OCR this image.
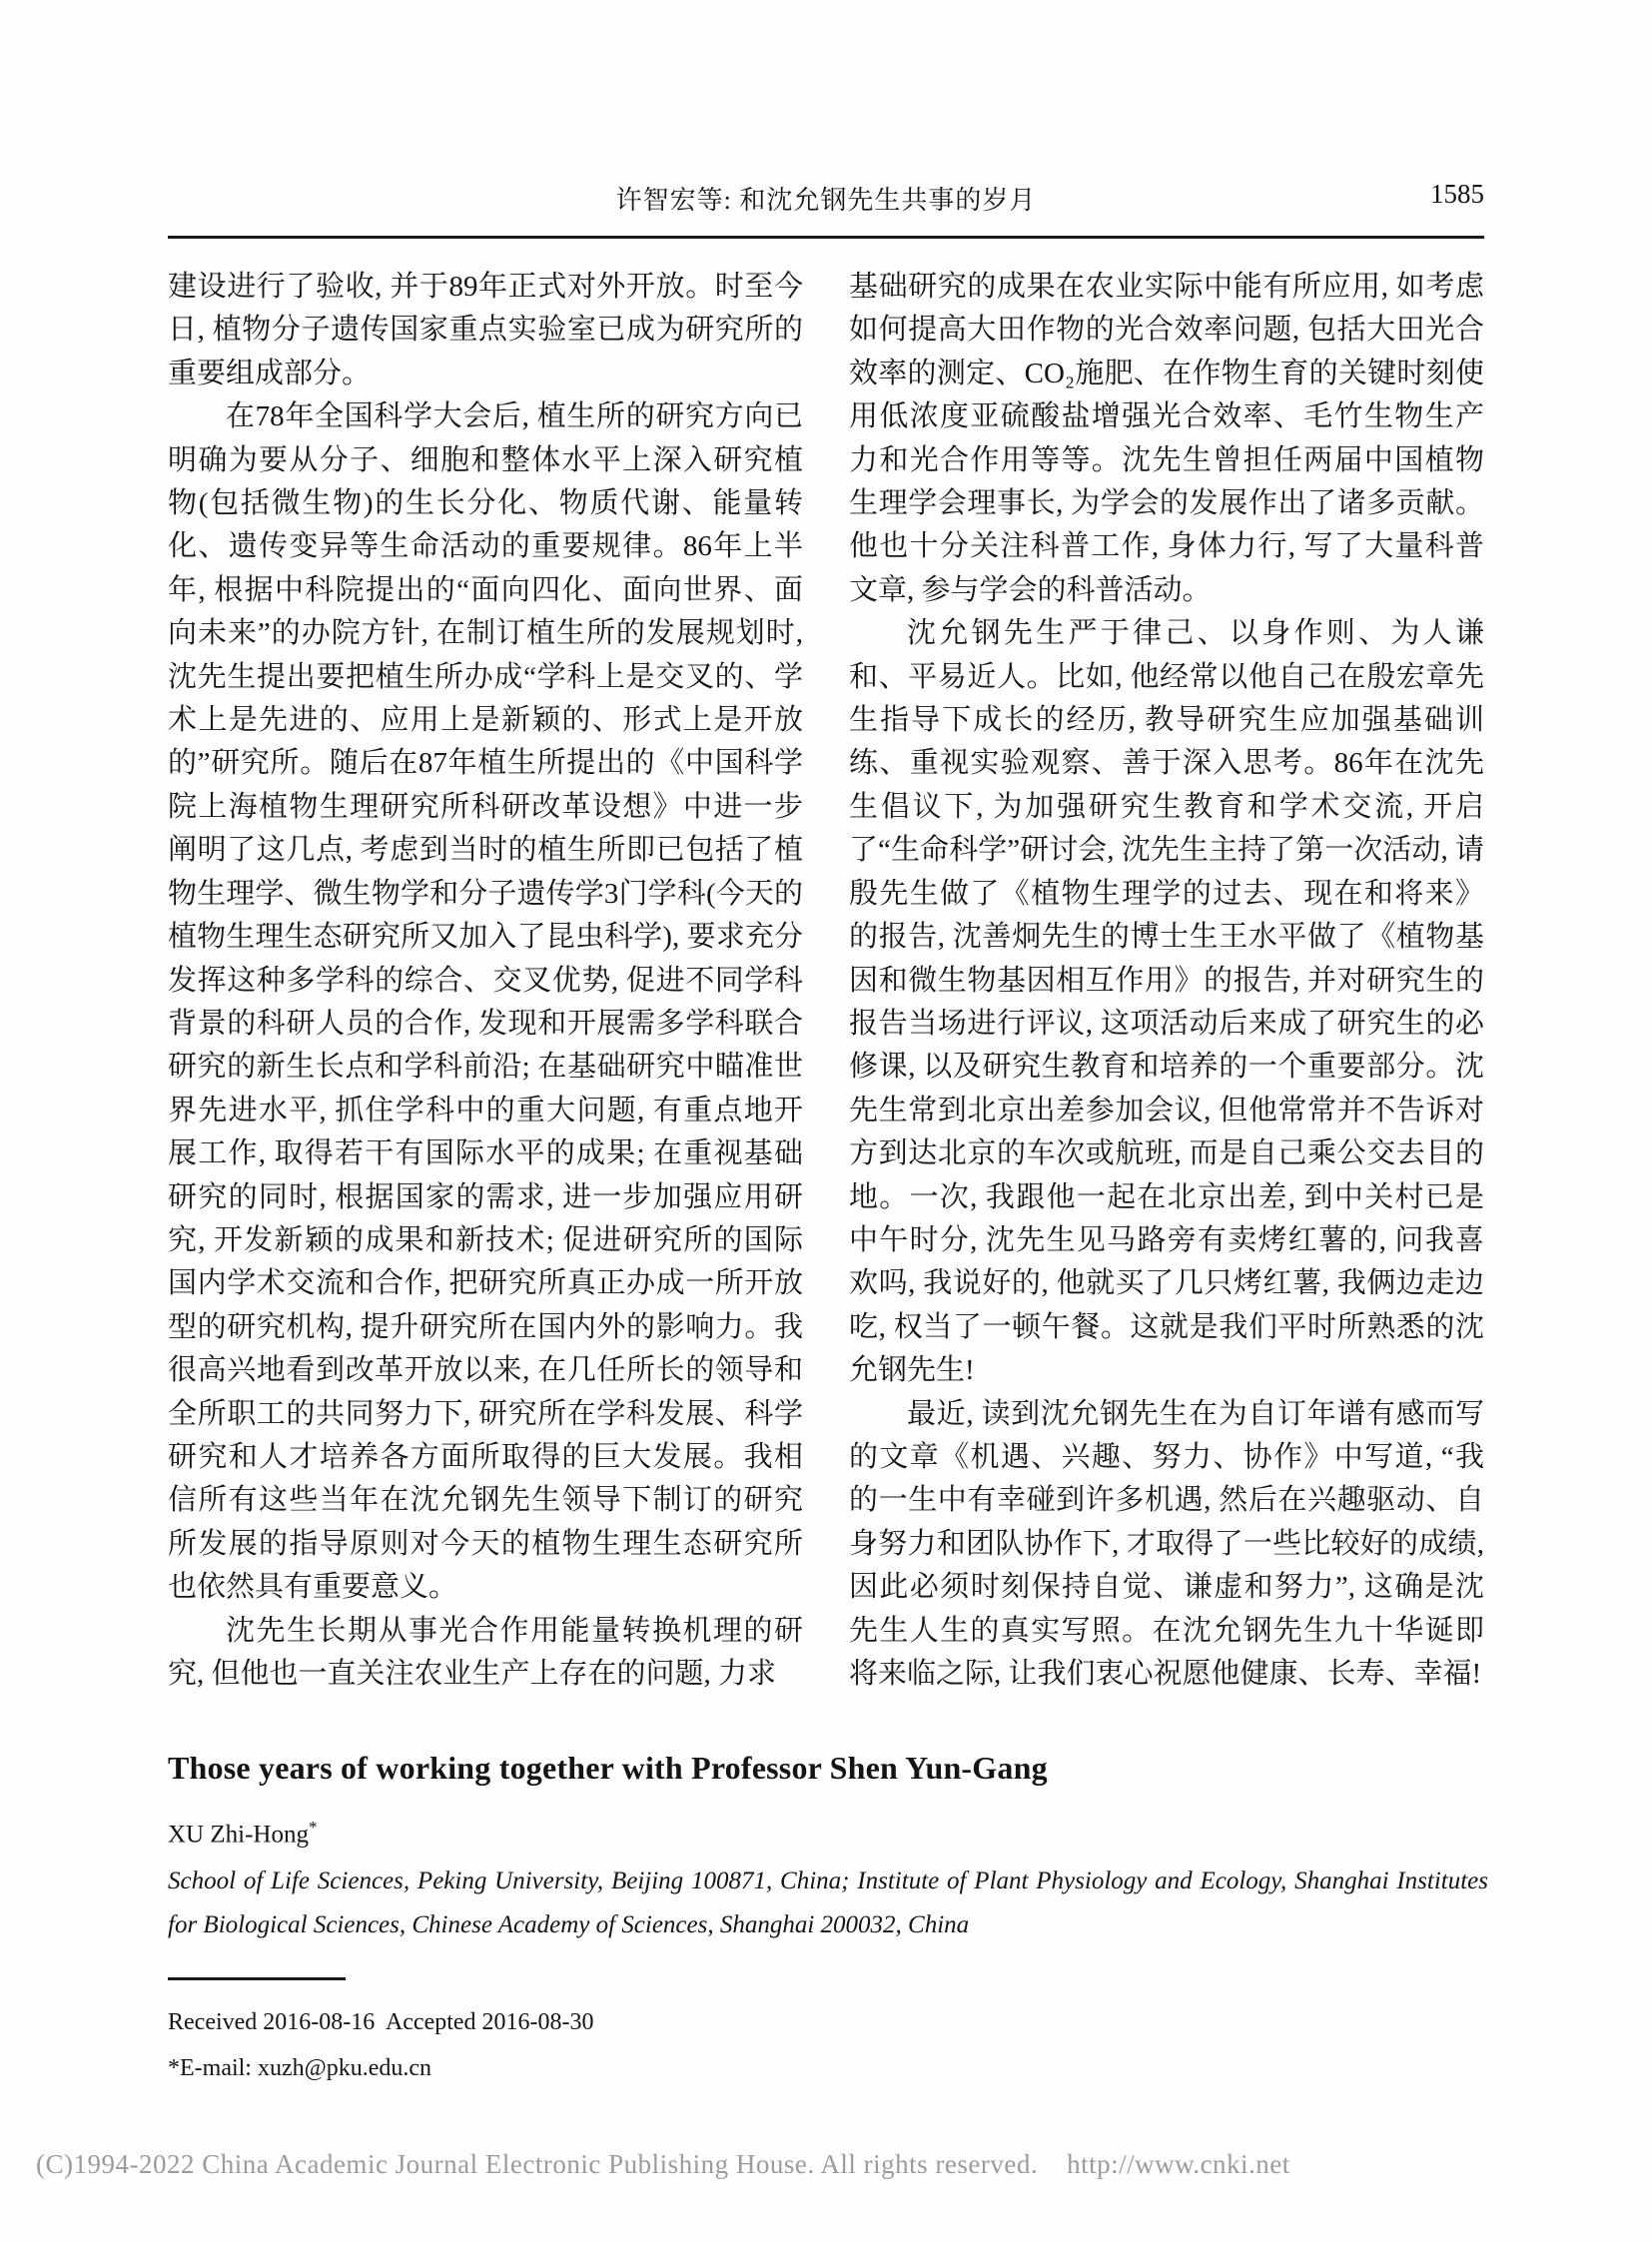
许智宏等: 和沈允钢先生共事的岁月	1585

建设进行了验收, 并于89年正式对外开放。时至今日, 植物分子遗传国家重点实验室已成为研究所的重要组成部分。

在78年全国科学大会后, 植生所的研究方向已明确为要从分子、细胞和整体水平上深入研究植物(包括微生物)的生长分化、物质代谢、能量转化、遗传变异等生命活动的重要规律。86年上半年, 根据中科院提出的“面向四化、面向世界、面向未来”的办院方针, 在制订植生所的发展规划时, 沈先生提出要把植生所办成“学科上是交叉的、学术上是先进的、应用上是新颖的、形式上是开放的”研究所。随后在87年植生所提出的《中国科学院上海植物生理研究所科研改革设想》中进一步阐明了这几点, 考虑到当时的植生所即已包括了植物生理学、微生物学和分子遗传学3门学科(今天的植物生理生态研究所又加入了昆虫科学), 要求充分发挥这种多学科的综合、交叉优势, 促进不同学科背景的科研人员的合作, 发现和开展需多学科联合研究的新生长点和学科前沿; 在基础研究中瞄准世界先进水平, 抓住学科中的重大问题, 有重点地开展工作, 取得若干有国际水平的成果; 在重视基础研究的同时, 根据国家的需求, 进一步加强应用研究, 开发新颖的成果和新技术; 促进研究所的国际国内学术交流和合作, 把研究所真正办成一所开放型的研究机构, 提升研究所在国内外的影响力。我很高兴地看到改革开放以来, 在几任所长的领导和全所职工的共同努力下, 研究所在学科发展、科学研究和人才培养各方面所取得的巨大发展。我相信所有这些当年在沈允钢先生领导下制订的研究所发展的指导原则对今天的植物生理生态研究所也依然具有重要意义。

沈先生长期从事光合作用能量转换机理的研究, 但他也一直关注农业生产上存在的问题, 力求

基础研究的成果在农业实际中能有所应用, 如考虑如何提高大田作物的光合效率问题, 包括大田光合效率的测定、CO₂施肥、在作物生育的关键时刻使用低浓度亚硫酸盐增强光合效率、毛竹生物生产力和光合作用等等。沈先生曾担任两届中国植物生理学会理事长, 为学会的发展作出了诸多贡献。他也十分关注科普工作, 身体力行, 写了大量科普文章, 参与学会的科普活动。

沈允钢先生严于律己、以身作则、为人谦和、平易近人。比如, 他经常以他自己在殷宏章先生指导下成长的经历, 教导研究生应加强基础训练、重视实验观察、善于深入思考。86年在沈先生倡议下, 为加强研究生教育和学术交流, 开启了“生命科学”研讨会, 沈先生主持了第一次活动, 请殷先生做了《植物生理学的过去、现在和将来》的报告, 沈善炯先生的博士生王水平做了《植物基因和微生物基因相互作用》的报告, 并对研究生的报告当场进行评议, 这项活动后来成了研究生的必修课, 以及研究生教育和培养的一个重要部分。沈先生常到北京出差参加会议, 但他常常并不告诉对方到达北京的车次或航班, 而是自己乘公交去目的地。一次, 我跟他一起在北京出差, 到中关村已是中午时分, 沈先生见马路旁有卖烤红薯的, 问我喜欢吗, 我说好的, 他就买了几只烤红薯, 我俩边走边吃, 权当了一顿午餐。这就是我们平时所熟悉的沈允钢先生!

最近, 读到沈允钢先生在为自订年谱有感而写的文章《机遇、兴趣、努力、协作》中写道, “我的一生中有幸碰到许多机遇, 然后在兴趣驱动、自身努力和团队协作下, 才取得了一些比较好的成绩, 因此必须时刻保持自觉、谦虚和努力”, 这确是沈先生人生的真实写照。在沈允钢先生九十华诞即将来临之际, 让我们衷心祝愿他健康、长寿、幸福!

Those years of working together with Professor Shen Yun-Gang
XU Zhi-Hong*
School of Life Sciences, Peking University, Beijing 100871, China; Institute of Plant Physiology and Ecology, Shanghai Institutes for Biological Sciences, Chinese Academy of Sciences, Shanghai 200032, China
Received 2016-08-16  Accepted 2016-08-30
*E-mail: xuzh@pku.edu.cn
(C)1994-2022 China Academic Journal Electronic Publishing House. All rights reserved.    http://www.cnki.net
